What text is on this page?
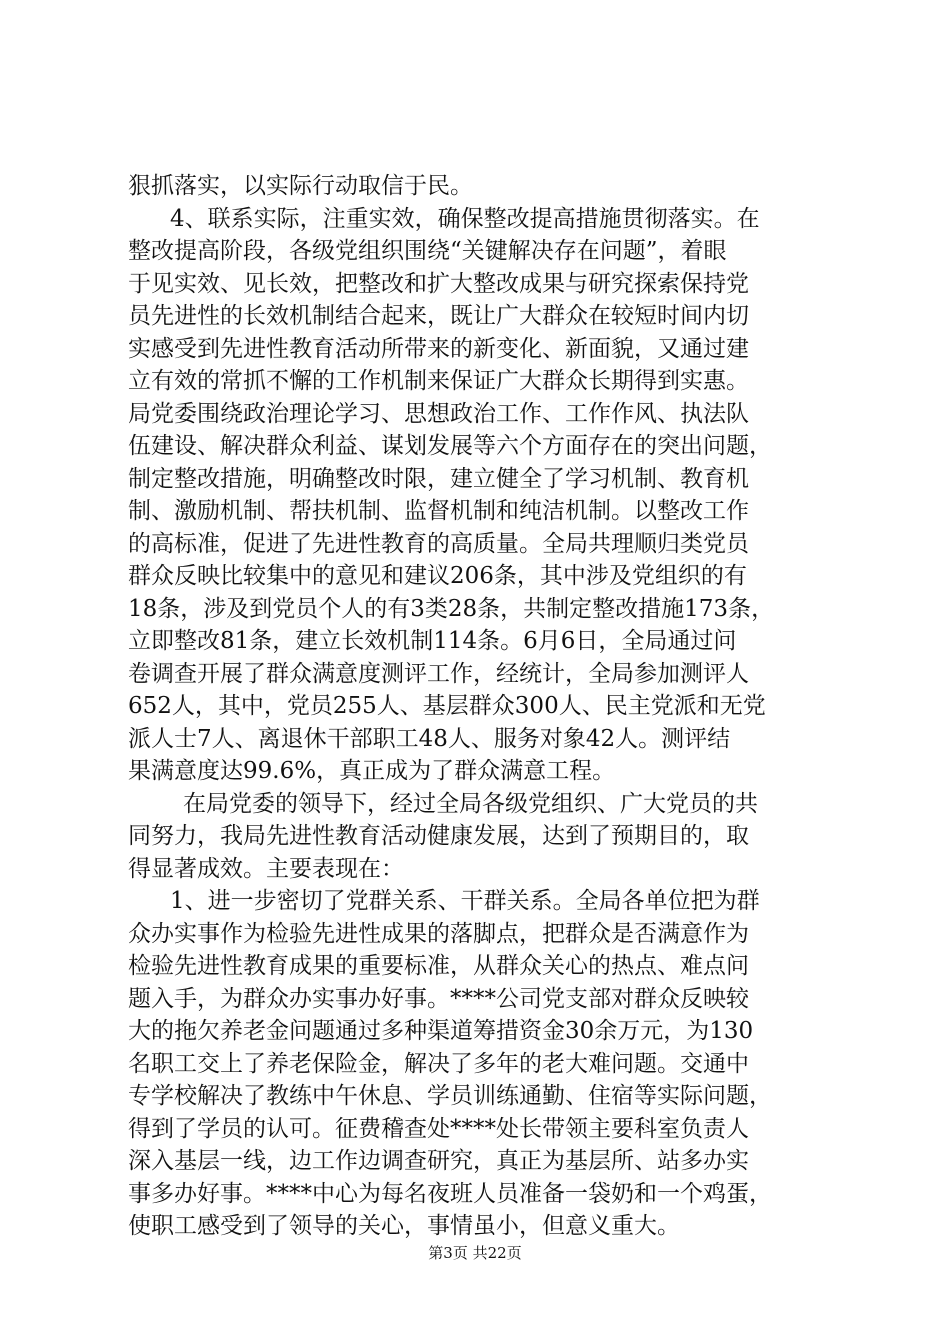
狠抓落实，以实际行动取信于民。
4、联系实际，注重实效，确保整改提高措施贯彻落实。在
整改提高阶段，各级党组织围绕“关键解决存在问题”，着眼
于见实效、见长效，把整改和扩大整改成果与研究探索保持党
员先进性的长效机制结合起来，既让广大群众在较短时间内切
实感受到先进性教育活动所带来的新变化、新面貌，又通过建
立有效的常抓不懈的工作机制来保证广大群众长期得到实惠。
局党委围绕政治理论学习、思想政治工作、工作作风、执法队
伍建设、解决群众利益、谋划发展等六个方面存在的突出问题，
制定整改措施，明确整改时限，建立健全了学习机制、教育机
制、激励机制、帮扶机制、监督机制和纯洁机制。以整改工作
的高标准，促进了先进性教育的高质量。全局共理顺归类党员
群众反映比较集中的意见和建议206条，其中涉及党组织的有
18条，涉及到党员个人的有3类28条，共制定整改措施173条，
立即整改81条，建立长效机制114条。6月6日，全局通过问
卷调查开展了群众满意度测评工作，经统计，全局参加测评人
652人，其中，党员255人、基层群众300人、民主党派和无党
派人士7人、离退休干部职工48人、服务对象42人。测评结
果满意度达99.6%，真正成为了群众满意工程。
在局党委的领导下，经过全局各级党组织、广大党员的共
同努力，我局先进性教育活动健康发展，达到了预期目的，取
得显著成效。主要表现在：
1、进一步密切了党群关系、干群关系。全局各单位把为群
众办实事作为检验先进性成果的落脚点，把群众是否满意作为
检验先进性教育成果的重要标准，从群众关心的热点、难点问
题入手，为群众办实事办好事。****公司党支部对群众反映较
大的拖欠养老金问题通过多种渠道筹措资金30余万元，为130
名职工交上了养老保险金，解决了多年的老大难问题。交通中
专学校解决了教练中午休息、学员训练通勤、住宿等实际问题，
得到了学员的认可。征费稽查处****处长带领主要科室负责人
深入基层一线，边工作边调查研究，真正为基层所、站多办实
事多办好事。****中心为每名夜班人员准备一袋奶和一个鸡蛋，
使职工感受到了领导的关心，事情虽小，但意义重大。
第3页 共22页
